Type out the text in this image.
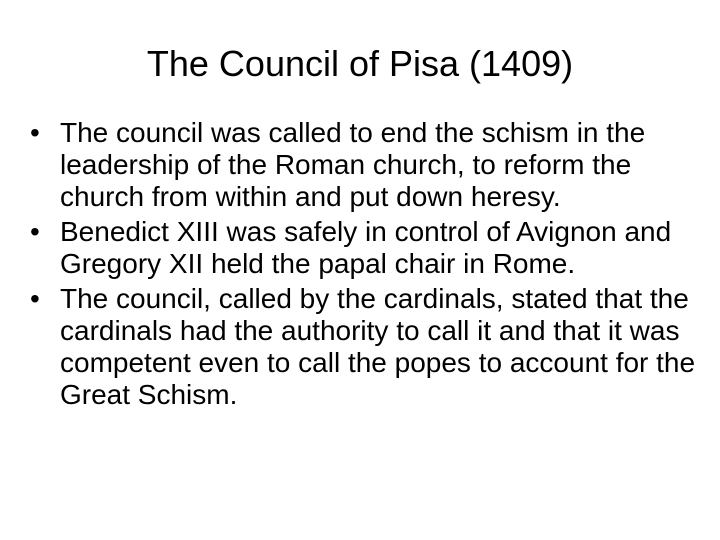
The Council of Pisa (1409)
• The council was called to end the schism in the leadership of the Roman church, to reform the church from within and put down heresy.
• Benedict XIII was safely in control of Avignon and Gregory XII held the papal chair in Rome.
• The council, called by the cardinals, stated that the cardinals had the authority to call it and that it was competent even to call the popes to account for the Great Schism.
